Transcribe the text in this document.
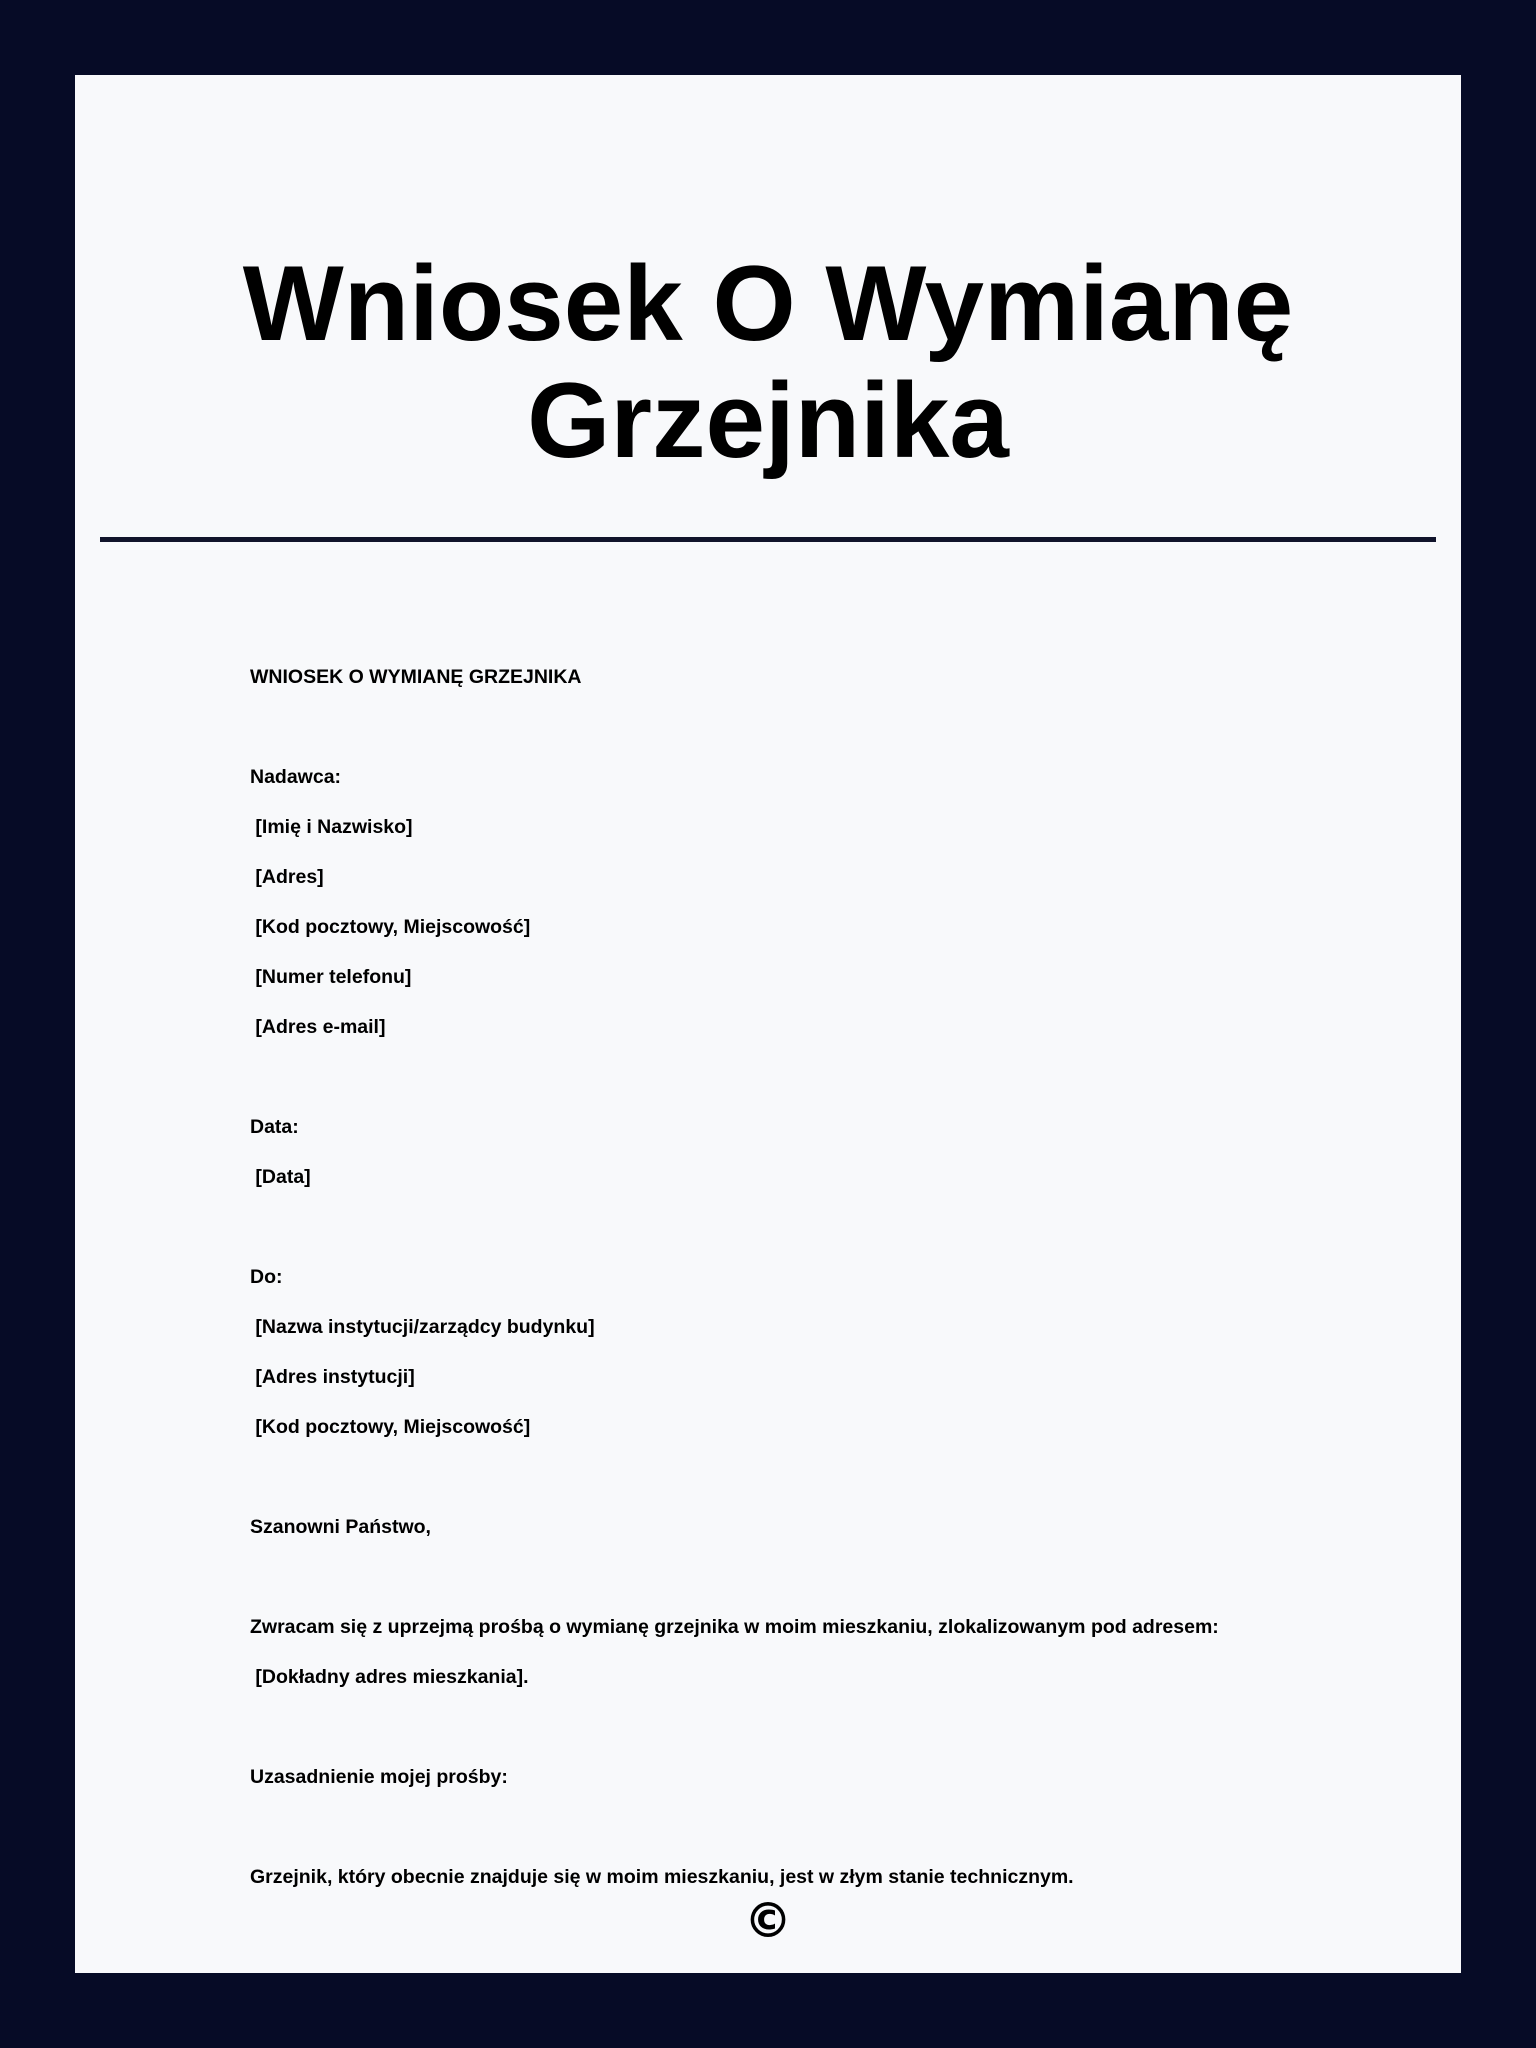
Wniosek O Wymianę
Grzejnika
WNIOSEK O WYMIANĘ GRZEJNIKA
Nadawca:
[Imię i Nazwisko]
[Adres]
[Kod pocztowy, Miejscowość]
[Numer telefonu]
[Adres e-mail]
Data:
[Data]
Do:
[Nazwa instytucji/zarządcy budynku]
[Adres instytucji]
[Kod pocztowy, Miejscowość]
Szanowni Państwo,
Zwracam się z uprzejmą prośbą o wymianę grzejnika w moim mieszkaniu, zlokalizowanym pod adresem:
[Dokładny adres mieszkania].
Uzasadnienie mojej prośby:
Grzejnik, który obecnie znajduje się w moim mieszkaniu, jest w złym stanie technicznym.
©
